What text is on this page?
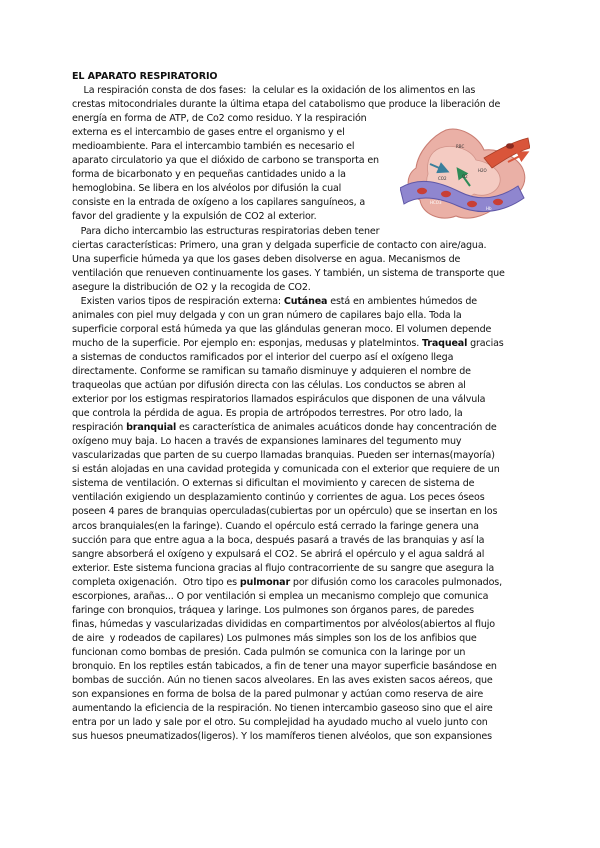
RBC
CO2	O2
H2O
HCO3
Hb
EL APARATO RESPIRATORIO
La respiración consta de dos fases:  la celular es la oxidación de los alimentos en las
crestas mitocondriales durante la última etapa del catabolismo que produce la liberación de
energía en forma de ATP, de Co2 como residuo. Y la respiración
externa es el intercambio de gases entre el organismo y el
medioambiente. Para el intercambio también es necesario el
aparato circulatorio ya que el dióxido de carbono se transporta en
forma de bicarbonato y en pequeñas cantidades unido a la
hemoglobina. Se libera en los alvéolos por difusión la cual
consiste en la entrada de oxígeno a los capilares sanguíneos, a
favor del gradiente y la expulsión de CO2 al exterior.
Para dicho intercambio las estructuras respiratorias deben tener
ciertas características: Primero, una gran y delgada superficie de contacto con aire/agua.
Una superficie húmeda ya que los gases deben disolverse en agua. Mecanismos de
ventilación que renueven continuamente los gases. Y también, un sistema de transporte que
asegure la distribución de O2 y la recogida de CO2.
Existen varios tipos de respiración externa: Cutánea está en ambientes húmedos de
animales con piel muy delgada y con un gran número de capilares bajo ella. Toda la
superficie corporal está húmeda ya que las glándulas generan moco. El volumen depende
mucho de la superficie. Por ejemplo en: esponjas, medusas y platelmintos. Traqueal gracias
a sistemas de conductos ramificados por el interior del cuerpo así el oxígeno llega
directamente. Conforme se ramifican su tamaño disminuye y adquieren el nombre de
traqueolas que actúan por difusión directa con las células. Los conductos se abren al
exterior por los estigmas respiratorios llamados espiráculos que disponen de una válvula
que controla la pérdida de agua. Es propia de artrópodos terrestres. Por otro lado, la
respiración branquial es característica de animales acuáticos donde hay concentración de
oxígeno muy baja. Lo hacen a través de expansiones laminares del tegumento muy
vascularizadas que parten de su cuerpo llamadas branquias. Pueden ser internas(mayoría)
si están alojadas en una cavidad protegida y comunicada con el exterior que requiere de un
sistema de ventilación. O externas si dificultan el movimiento y carecen de sistema de
ventilación exigiendo un desplazamiento continúo y corrientes de agua. Los peces óseos
poseen 4 pares de branquias operculadas(cubiertas por un opérculo) que se insertan en los
arcos branquiales(en la faringe). Cuando el opérculo está cerrado la faringe genera una
succión para que entre agua a la boca, después pasará a través de las branquias y así la
sangre absorberá el oxígeno y expulsará el CO2. Se abrirá el opérculo y el agua saldrá al
exterior. Este sistema funciona gracias al flujo contracorriente de su sangre que asegura la
completa oxigenación.  Otro tipo es pulmonar por difusión como los caracoles pulmonados,
escorpiones, arañas... O por ventilación si emplea un mecanismo complejo que comunica
faringe con bronquios, tráquea y laringe. Los pulmones son órganos pares, de paredes
finas, húmedas y vascularizadas divididas en compartimentos por alvéolos(abiertos al flujo
de aire  y rodeados de capilares) Los pulmones más simples son los de los anfibios que
funcionan como bombas de presión. Cada pulmón se comunica con la laringe por un
bronquio. En los reptiles están tabicados, a fin de tener una mayor superficie basándose en
bombas de succión. Aún no tienen sacos alveolares. En las aves existen sacos aéreos, que
son expansiones en forma de bolsa de la pared pulmonar y actúan como reserva de aire
aumentando la eficiencia de la respiración. No tienen intercambio gaseoso sino que el aire
entra por un lado y sale por el otro. Su complejidad ha ayudado mucho al vuelo junto con
sus huesos pneumatizados(ligeros). Y los mamíferos tienen alvéolos, que son expansiones
